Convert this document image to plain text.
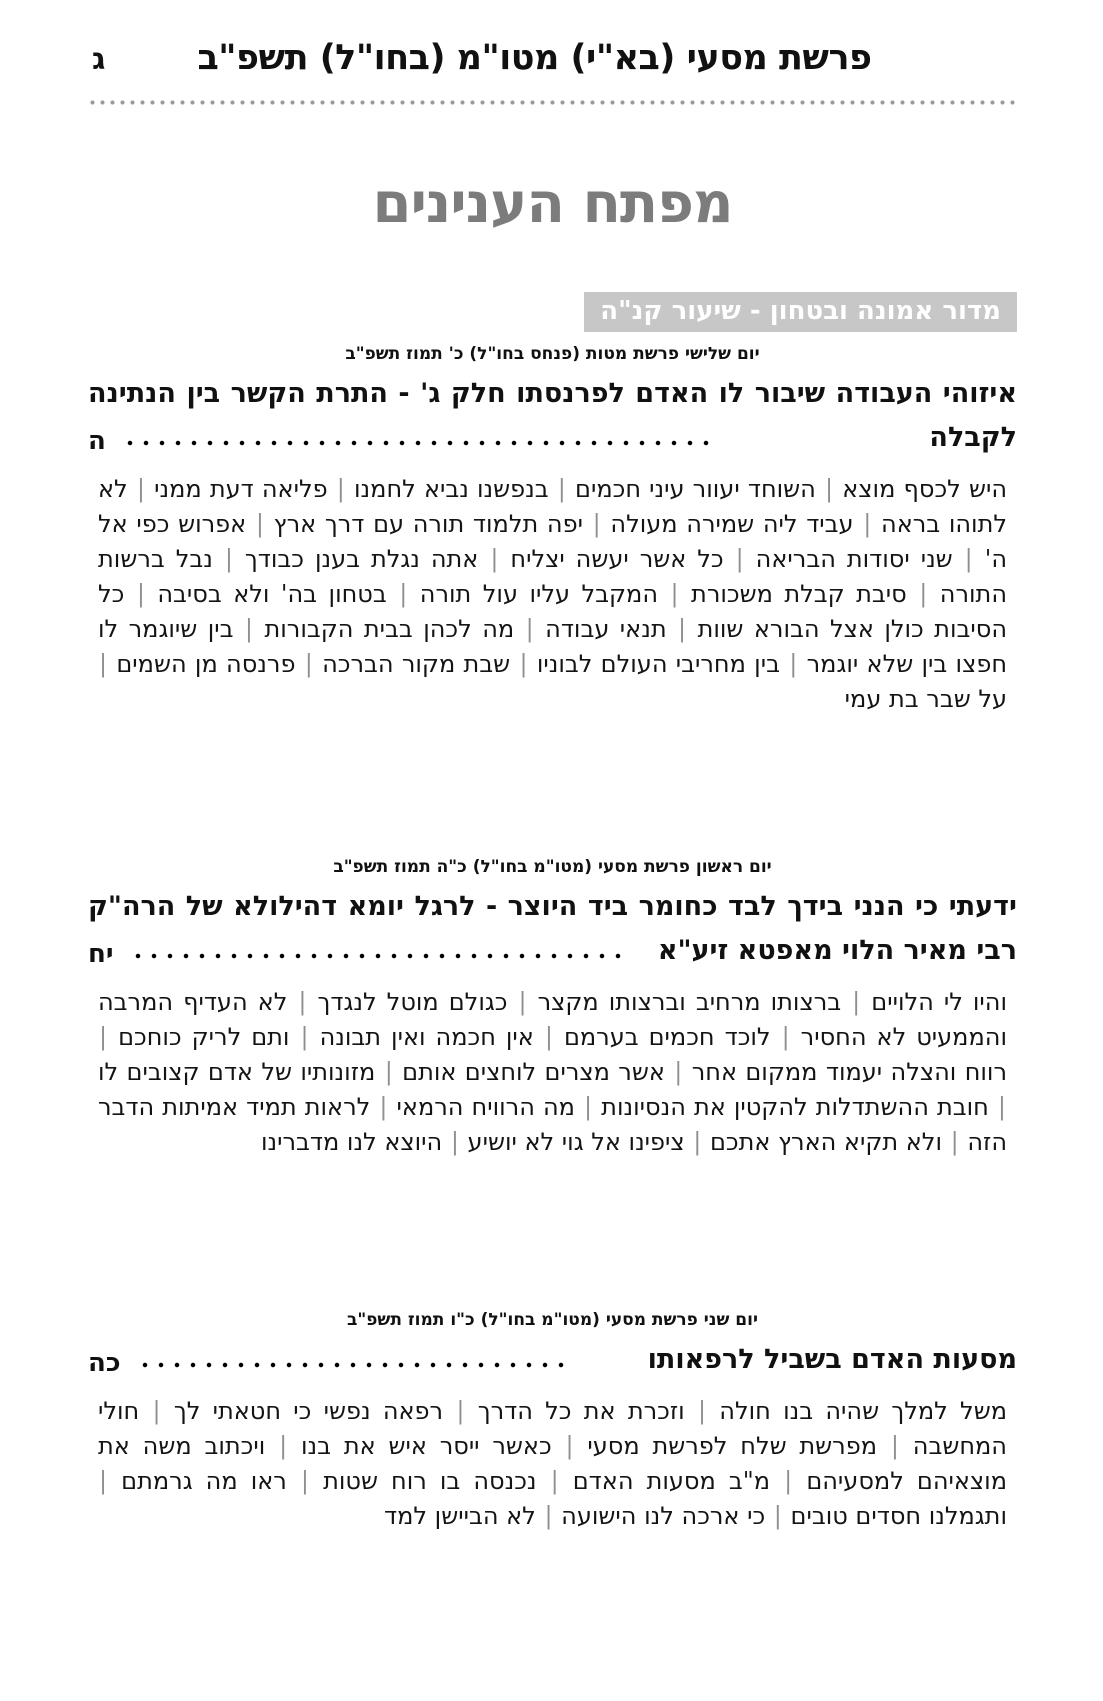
פרשת מסעי (בא"י) מטו"מ (בחו"ל) תשפ"ב
ג
מפתח הענינים
מדור אמונה ובטחון - שיעור קנ"ה
יום שלישי פרשת מטות (פנחס בחו"ל) כ' תמוז תשפ"ב
איזוהי העבודה שיבור לו האדם לפרנסתו חלק ג' - התרת הקשר בין הנתינה לקבלה
ה
היש לכסף מוצא | השוחד יעוור עיני חכמים | בנפשנו נביא לחמנו | פליאה דעת ממני | לא לתוהו בראה | עביד ליה שמירה מעולה | יפה תלמוד תורה עם דרך ארץ | אפרוש כפי אל ה' | שני יסודות הבריאה | כל אשר יעשה יצליח | אתה נגלת בענן כבודך | נבל ברשות התורה | סיבת קבלת משכורת | המקבל עליו עול תורה | בטחון בה' ולא בסיבה | כל הסיבות כולן אצל הבורא שוות | תנאי עבודה | מה לכהן בבית הקבורות | בין שיוגמר לו חפצו בין שלא יוגמר | בין מחריבי העולם לבוניו | שבת מקור הברכה | פרנסה מן השמים | על שבר בת עמי
יום ראשון פרשת מסעי (מטו"מ בחו"ל) כ"ה תמוז תשפ"ב
ידעתי כי הנני בידך לבד כחומר ביד היוצר - לרגל יומא דהילולא של הרה"ק רבי מאיר הלוי מאפטא זיע"א
יח
והיו לי הלויים | ברצותו מרחיב וברצותו מקצר | כגולם מוטל לנגדך | לא העדיף המרבה והממעיט לא החסיר | לוכד חכמים בערמם | אין חכמה ואין תבונה | ותם לריק כוחכם | רווח והצלה יעמוד ממקום אחר | אשר מצרים לוחצים אותם | מזונותיו של אדם קצובים לו | חובת ההשתדלות להקטין את הנסיונות | מה הרוויח הרמאי | לראות תמיד אמיתות הדבר הזה | ולא תקיא הארץ אתכם | ציפינו אל גוי לא יושיע | היוצא לנו מדברינו
יום שני פרשת מסעי (מטו"מ בחו"ל) כ"ו תמוז תשפ"ב
מסעות האדם בשביל לרפאותו
כה
משל למלך שהיה בנו חולה | וזכרת את כל הדרך | רפאה נפשי כי חטאתי לך | חולי המחשבה | מפרשת שלח לפרשת מסעי | כאשר ייסר איש את בנו | ויכתוב משה את מוצאיהם למסעיהם | מ"ב מסעות האדם | נכנסה בו רוח שטות | ראו מה גרמתם | ותגמלנו חסדים טובים | כי ארכה לנו הישועה | לא הביישן למד
